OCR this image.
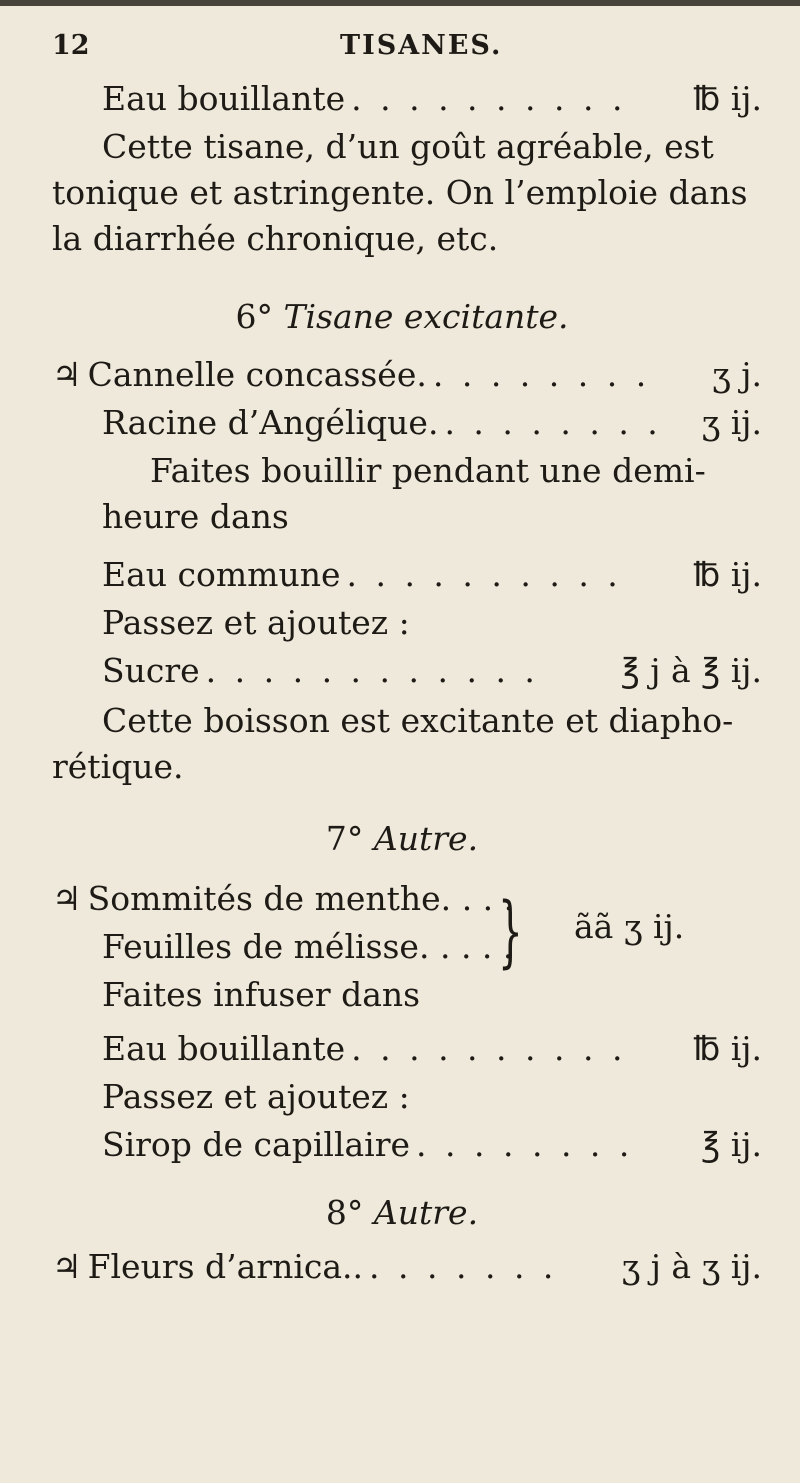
12	TISANES.
Eau bouillante . . . . . . . . . .	℔ ij.
Cette tisane, d’un goût agréable, est
tonique et astringente. On l’emploie dans
la diarrhée chronique, etc.
6° Tisane excitante.
♃ Cannelle concassée. . . . . . . . .	ʒ j.
Racine d’Angélique. . . . . . . . .	ʒ ij.
Faites bouillir pendant une demi-
heure dans
Eau commune . . . . . . . . . .	℔ ij.
Passez et ajoutez :
Sucre . . . . . . . . . . . .	℥ j à ℥ ij.
Cette boisson est excitante et diapho-
rétique.
7° Autre.
♃ Sommités de menthe. . . .
Feuilles de mélisse. . . . .
} ãã ʒ ij.
Faites infuser dans
Eau bouillante . . . . . . . . . .	℔ ij.
Passez et ajoutez :
Sirop de capillaire . . . . . . . .	℥ ij.
8° Autre.
♃ Fleurs d’arnica.. . . . . . . .	ʒ j à ʒ ij.
